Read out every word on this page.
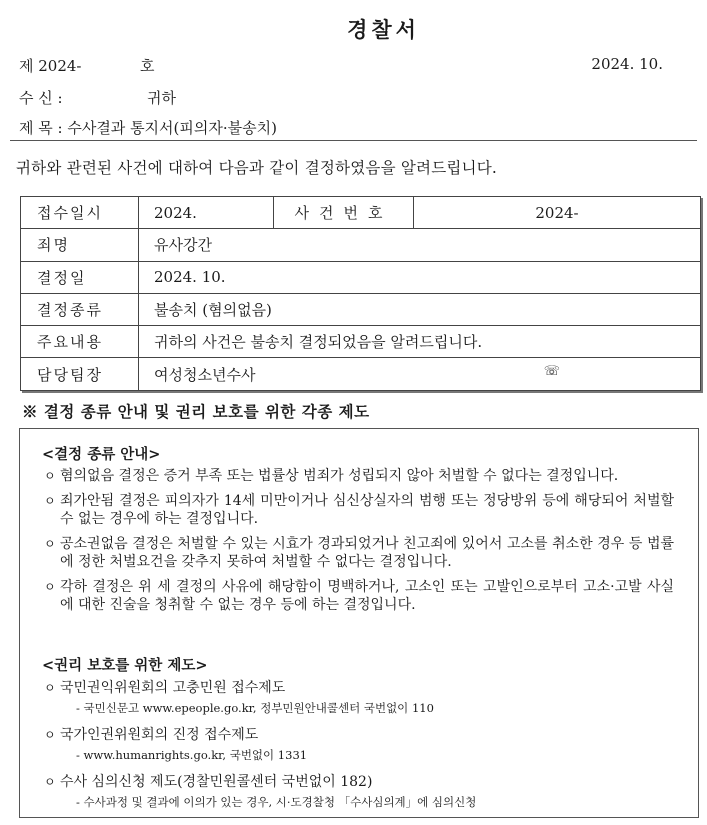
경찰서
제 2024-	호	2024. 10.
수 신 :	귀하
제 목 : 수사결과 통지서(피의자·불송치)
귀하와 관련된 사건에 대하여 다음과 같이 결정하였음을 알려드립니다.
접수일시	2024.	사건번호	2024-
죄명	유사강간		
결정일	2024. 10.		
결정종류	불송치 (혐의없음)		
주요내용	귀하의 사건은 불송치 결정되었음을 알려드립니다.		
담당팀장	여성청소년수사 ☏		
※ 결정 종류 안내 및 권리 보호를 위한 각종 제도
<결정 종류 안내>
ㅇ 혐의없음 결정은 증거 부족 또는 법률상 범죄가 성립되지 않아 처벌할 수 없다는 결정입니다.
ㅇ 죄가안됨 결정은 피의자가 14세 미만이거나 심신상실자의 범행 또는 정당방위 등에 해당되어 처벌할 수 없는 경우에 하는 결정입니다.
ㅇ 공소권없음 결정은 처벌할 수 있는 시효가 경과되었거나 친고죄에 있어서 고소를 취소한 경우 등 법률에 정한 처벌요건을 갖추지 못하여 처벌할 수 없다는 결정입니다.
ㅇ 각하 결정은 위 세 결정의 사유에 해당함이 명백하거나, 고소인 또는 고발인으로부터 고소·고발 사실에 대한 진술을 청취할 수 없는 경우 등에 하는 결정입니다.
<권리 보호를 위한 제도>
ㅇ 국민권익위원회의 고충민원 접수제도
- 국민신문고 www.epeople.go.kr, 정부민원안내콜센터 국번없이 110
ㅇ 국가인권위원회의 진정 접수제도
- www.humanrights.go.kr, 국번없이 1331
ㅇ 수사 심의신청 제도(경찰민원콜센터 국번없이 182)
- 수사과정 및 결과에 이의가 있는 경우, 시·도경찰청 「수사심의계」에 심의신청
